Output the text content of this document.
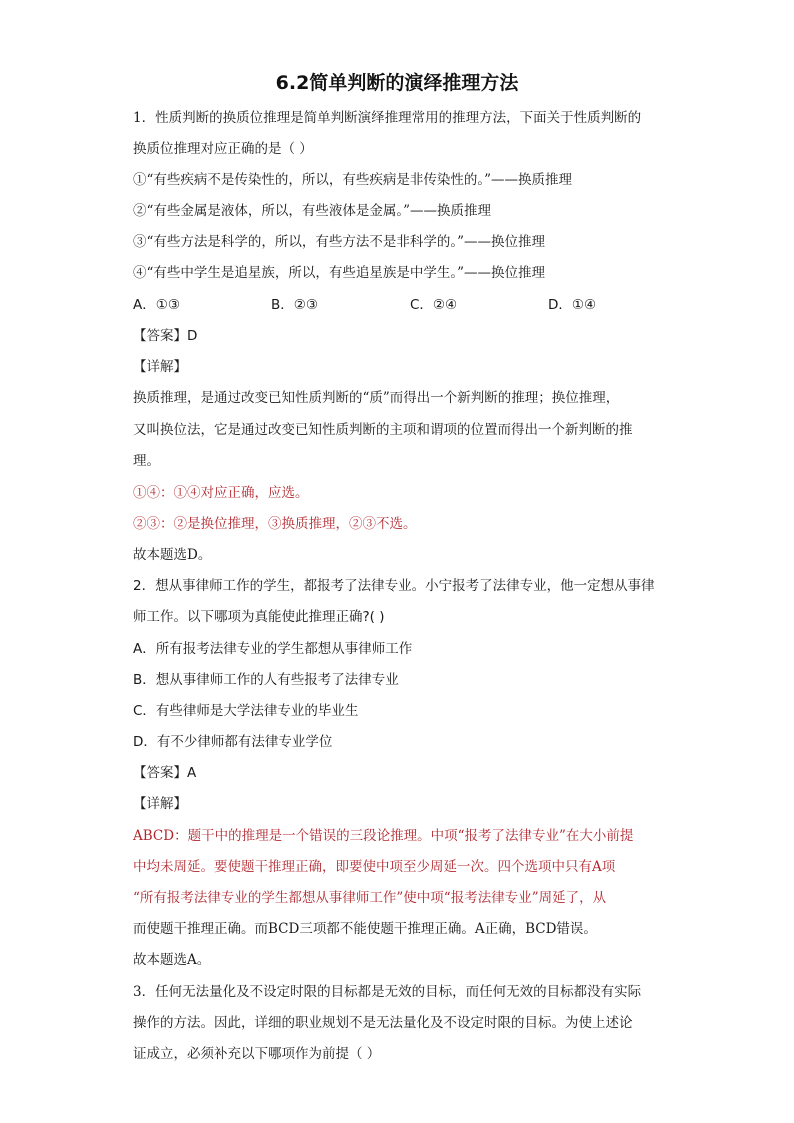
6.2简单判断的演绎推理方法
1．性质判断的换质位推理是简单判断演绎推理常用的推理方法，下面关于性质判断的
换质位推理对应正确的是（ ）
①“有些疾病不是传染性的，所以，有些疾病是非传染性的。”——换质推理
②“有些金属是液体，所以，有些液体是金属。”——换质推理
③“有些方法是科学的，所以，有些方法不是非科学的。”——换位推理
④“有些中学生是追星族，所以，有些追星族是中学生。”——换位推理
A．①③	B．②③	C．②④	D．①④
【答案】D
【详解】
换质推理，是通过改变已知性质判断的“质”而得出一个新判断的推理；换位推理，
又叫换位法，它是通过改变已知性质判断的主项和谓项的位置而得出一个新判断的推
理。
①④：①④对应正确，应选。
②③：②是换位推理，③换质推理，②③不选。
故本题选D。
2．想从事律师工作的学生，都报考了法律专业。小宁报考了法律专业，他一定想从事律
师工作。以下哪项为真能使此推理正确?( )
A．所有报考法律专业的学生都想从事律师工作
B．想从事律师工作的人有些报考了法律专业
C．有些律师是大学法律专业的毕业生
D．有不少律师都有法律专业学位
【答案】A
【详解】
ABCD：题干中的推理是一个错误的三段论推理。中项“报考了法律专业”在大小前提
中均未周延。要使题干推理正确，即要使中项至少周延一次。四个选项中只有A项
“所有报考法律专业的学生都想从事律师工作”使中项“报考法律专业”周延了，从
而使题干推理正确。而BCD三项都不能使题干推理正确。A正确，BCD错误。
故本题选A。
3．任何无法量化及不设定时限的目标都是无效的目标，而任何无效的目标都没有实际
操作的方法。因此，详细的职业规划不是无法量化及不设定时限的目标。为使上述论
证成立，必须补充以下哪项作为前提（ ）
